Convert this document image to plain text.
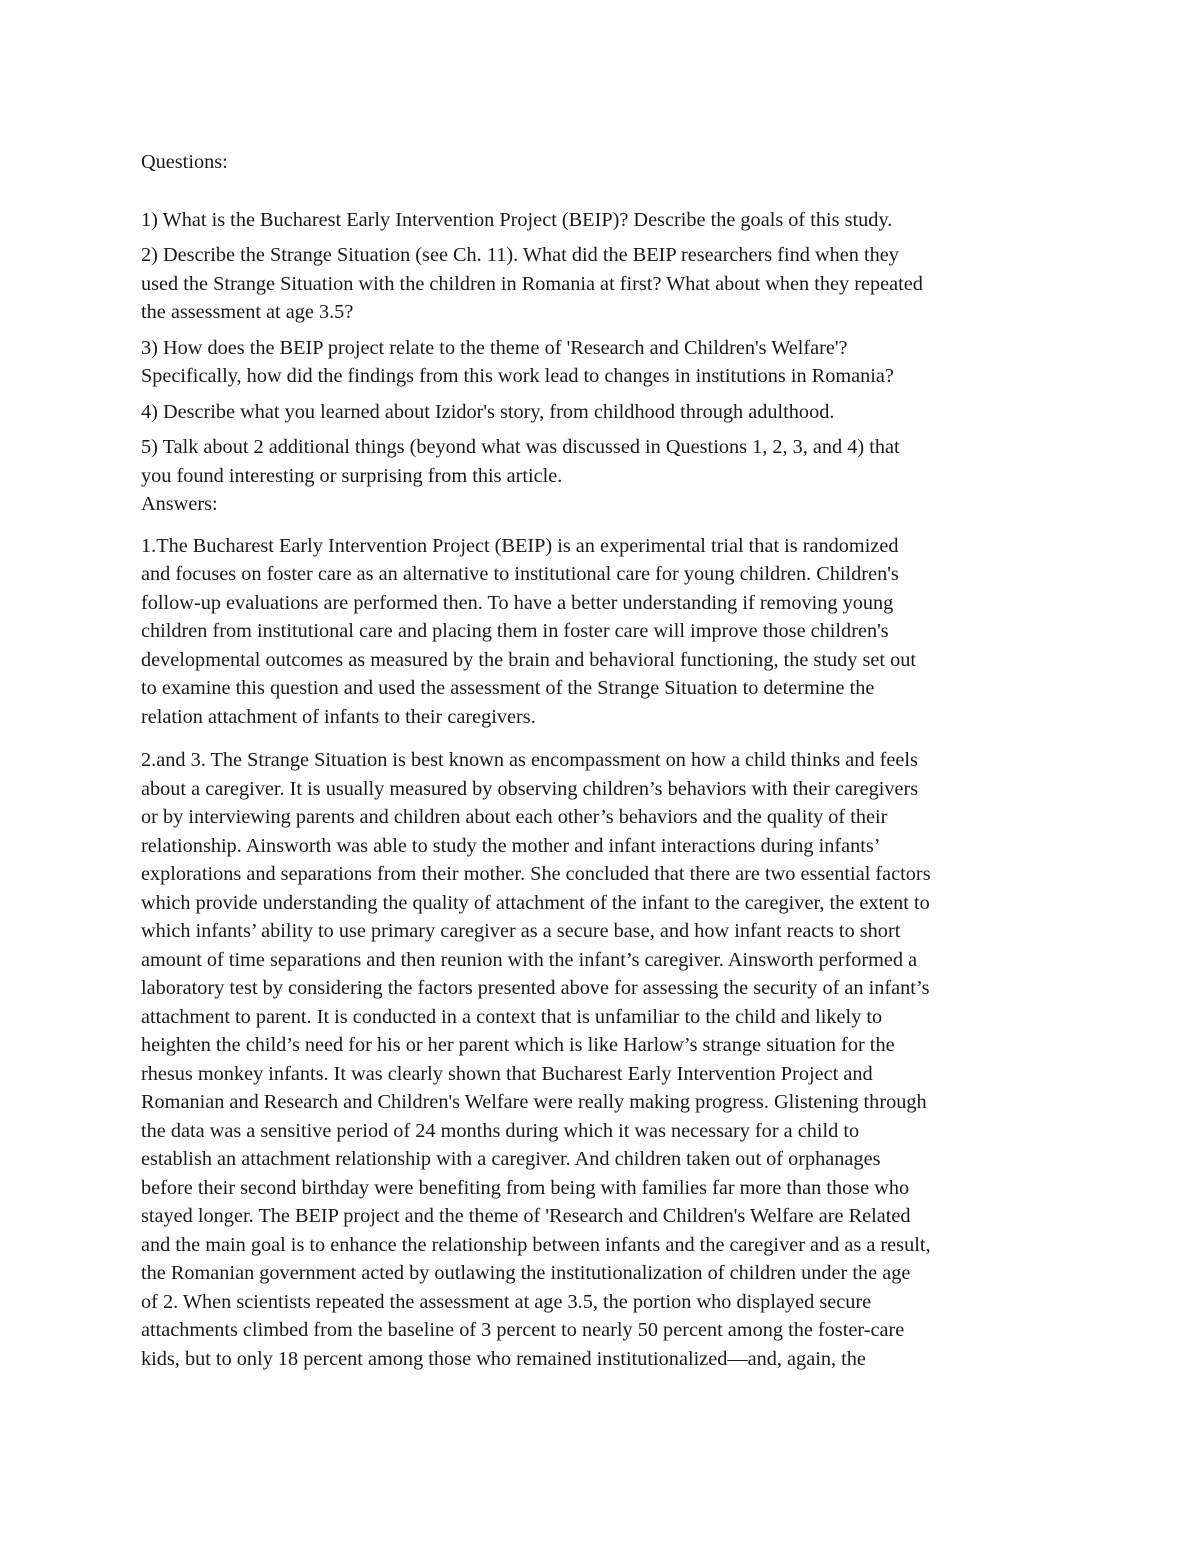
Questions:
1) What is the Bucharest Early Intervention Project (BEIP)? Describe the goals of this study.
2) Describe the Strange Situation (see Ch. 11). What did the BEIP researchers find when they
used the Strange Situation with the children in Romania at first? What about when they repeated
the assessment at age 3.5?
3) How does the BEIP project relate to the theme of 'Research and Children's Welfare'?
Specifically, how did the findings from this work lead to changes in institutions in Romania?
4) Describe what you learned about Izidor's story, from childhood through adulthood.
5) Talk about 2 additional things (beyond what was discussed in Questions 1, 2, 3, and 4) that
you found interesting or surprising from this article.
Answers:
1.The Bucharest Early Intervention Project (BEIP) is an experimental trial that is randomized
and focuses on foster care as an alternative to institutional care for young children. Children's
follow-up evaluations are performed then. To have a better understanding if removing young
children from institutional care and placing them in foster care will improve those children's
developmental outcomes as measured by the brain and behavioral functioning, the study set out
to examine this question and used the assessment of the Strange Situation to determine the
relation attachment of infants to their caregivers.
2.and 3. The Strange Situation is best known as encompassment on how a child thinks and feels
about a caregiver. It is usually measured by observing children’s behaviors with their caregivers
or by interviewing parents and children about each other’s behaviors and the quality of their
relationship. Ainsworth was able to study the mother and infant interactions during infants’
explorations and separations from their mother. She concluded that there are two essential factors
which provide understanding the quality of attachment of the infant to the caregiver, the extent to
which infants’ ability to use primary caregiver as a secure base, and how infant reacts to short
amount of time separations and then reunion with the infant’s caregiver. Ainsworth performed a
laboratory test by considering the factors presented above for assessing the security of an infant’s
attachment to parent. It is conducted in a context that is unfamiliar to the child and likely to
heighten the child’s need for his or her parent which is like Harlow’s strange situation for the
rhesus monkey infants. It was clearly shown that Bucharest Early Intervention Project and
Romanian and Research and Children's Welfare were really making progress. Glistening through
the data was a sensitive period of 24 months during which it was necessary for a child to
establish an attachment relationship with a caregiver. And children taken out of orphanages
before their second birthday were benefiting from being with families far more than those who
stayed longer. The BEIP project and the theme of 'Research and Children's Welfare are Related
and the main goal is to enhance the relationship between infants and the caregiver and as a result,
the Romanian government acted by outlawing the institutionalization of children under the age
of 2. When scientists repeated the assessment at age 3.5, the portion who displayed secure
attachments climbed from the baseline of 3 percent to nearly 50 percent among the foster-care
kids, but to only 18 percent among those who remained institutionalized—and, again, the
